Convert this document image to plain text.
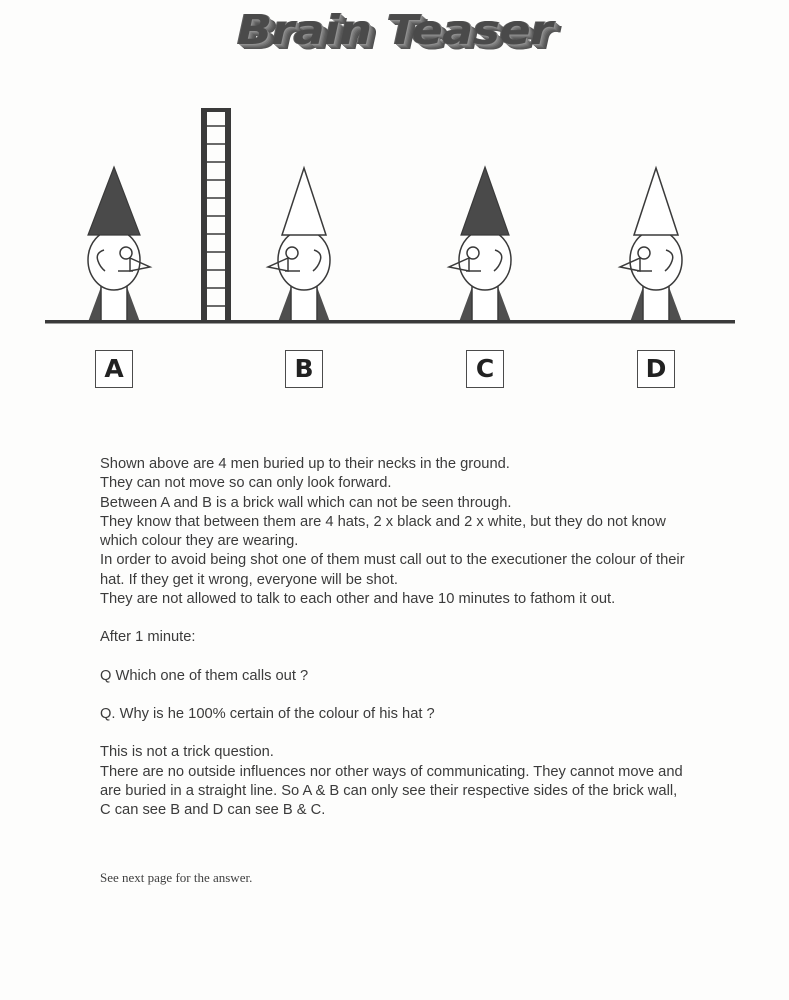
Brain Teaser
A	B	C	D

Shown above are 4 men buried up to their necks in the ground.

They can not move so can only look forward.

Between A and B is a brick wall which can not be seen through.

They know that between them are 4 hats, 2 x black and 2 x white, but they do not know which colour they are wearing.

In order to avoid being shot one of them must call out to the executioner the colour of their hat. If they get it wrong, everyone will be shot.

They are not allowed to talk to each other and have 10 minutes to fathom it out.

After 1 minute:

Q Which one of them calls out ?

Q. Why is he 100% certain of the colour of his hat ?

This is not a trick question.

There are no outside influences nor other ways of communicating. They cannot move and are buried in a straight line. So A & B can only see their respective sides of the brick wall, C can see B and D can see B & C.

See next page for the answer.
